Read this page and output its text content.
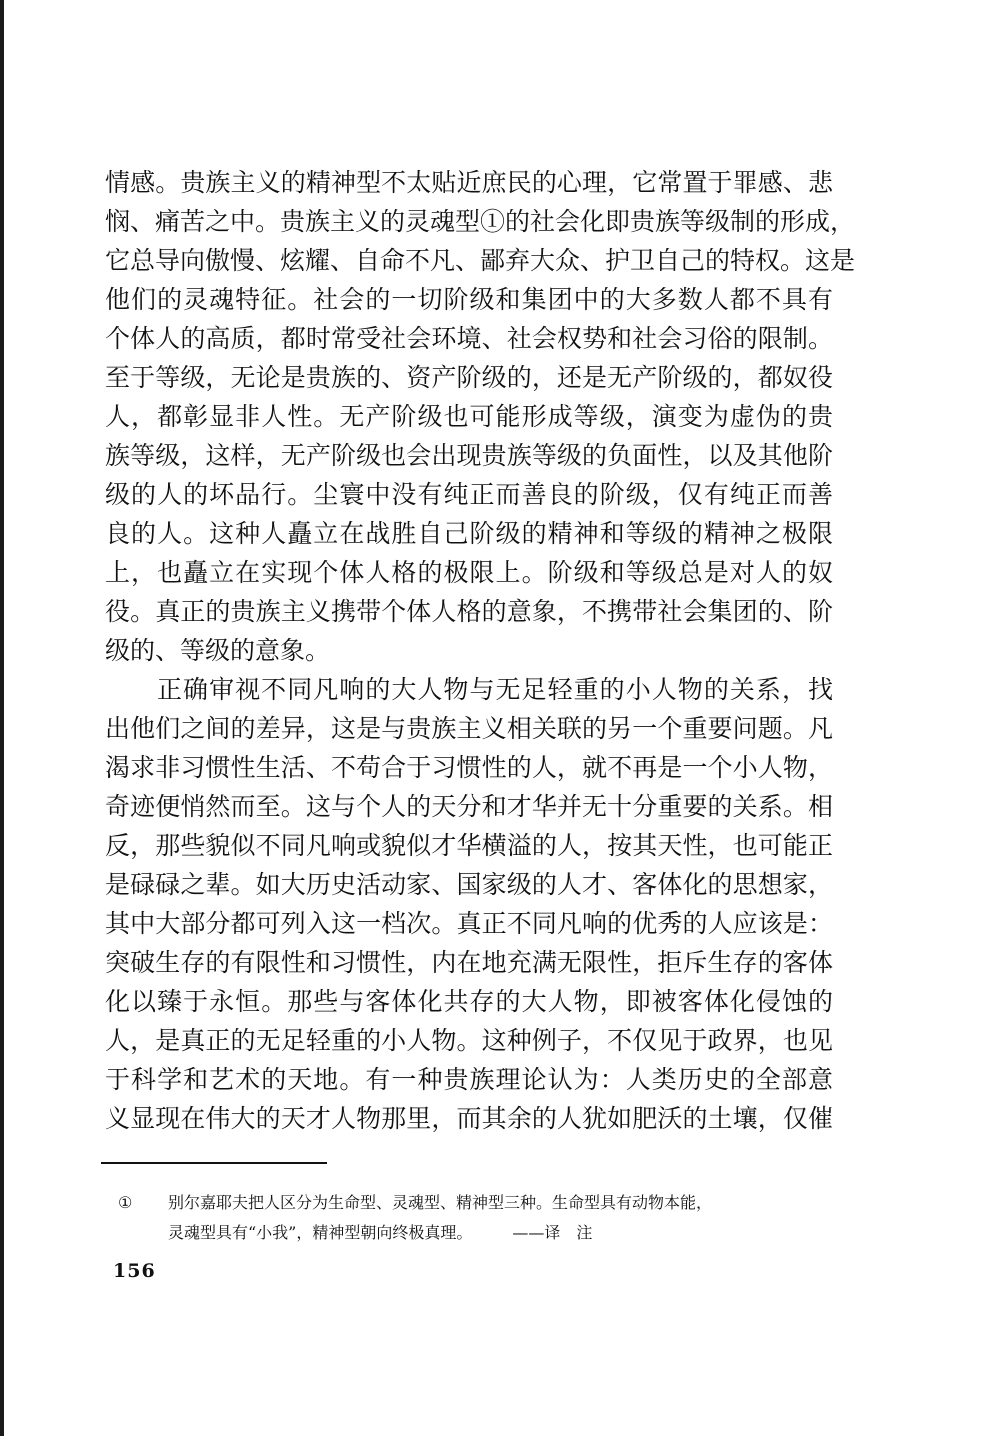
情感。贵族主义的精神型不太贴近庶民的心理，它常置于罪感、悲
悯、痛苦之中。贵族主义的灵魂型①的社会化即贵族等级制的形成，
它总导向傲慢、炫耀、自命不凡、鄙弃大众、护卫自己的特权。这是
他们的灵魂特征。社会的一切阶级和集团中的大多数人都不具有
个体人的高质，都时常受社会环境、社会权势和社会习俗的限制。
至于等级，无论是贵族的、资产阶级的，还是无产阶级的，都奴役
人，都彰显非人性。无产阶级也可能形成等级，演变为虚伪的贵
族等级，这样，无产阶级也会出现贵族等级的负面性，以及其他阶
级的人的坏品行。尘寰中没有纯正而善良的阶级，仅有纯正而善
良的人。这种人矗立在战胜自己阶级的精神和等级的精神之极限
上，也矗立在实现个体人格的极限上。阶级和等级总是对人的奴
役。真正的贵族主义携带个体人格的意象，不携带社会集团的、阶
级的、等级的意象。
正确审视不同凡响的大人物与无足轻重的小人物的关系，找
出他们之间的差异，这是与贵族主义相关联的另一个重要问题。凡
渴求非习惯性生活、不苟合于习惯性的人，就不再是一个小人物，
奇迹便悄然而至。这与个人的天分和才华并无十分重要的关系。相
反，那些貌似不同凡响或貌似才华横溢的人，按其天性，也可能正
是碌碌之辈。如大历史活动家、国家级的人才、客体化的思想家，
其中大部分都可列入这一档次。真正不同凡响的优秀的人应该是：
突破生存的有限性和习惯性，内在地充满无限性，拒斥生存的客体
化以臻于永恒。那些与客体化共存的大人物，即被客体化侵蚀的
人，是真正的无足轻重的小人物。这种例子，不仅见于政界，也见
于科学和艺术的天地。有一种贵族理论认为：人类历史的全部意
义显现在伟大的天才人物那里，而其余的人犹如肥沃的土壤，仅催
① 别尔嘉耶夫把人区分为生命型、灵魂型、精神型三种。生命型具有动物本能，
灵魂型具有“小我”，精神型朝向终极真理。　　　——译　注
156
